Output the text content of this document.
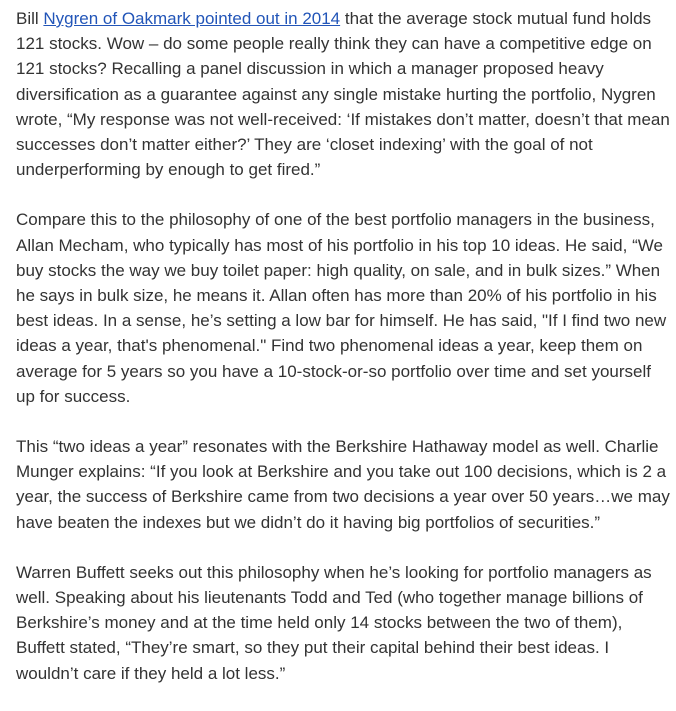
Bill Nygren of Oakmark pointed out in 2014 that the average stock mutual fund holds 121 stocks. Wow – do some people really think they can have a competitive edge on 121 stocks? Recalling a panel discussion in which a manager proposed heavy diversification as a guarantee against any single mistake hurting the portfolio, Nygren wrote, “My response was not well-received: ‘If mistakes don’t matter, doesn’t that mean successes don’t matter either?’ They are ‘closet indexing’ with the goal of not underperforming by enough to get fired.”

Compare this to the philosophy of one of the best portfolio managers in the business, Allan Mecham, who typically has most of his portfolio in his top 10 ideas. He said, “We buy stocks the way we buy toilet paper: high quality, on sale, and in bulk sizes.” When he says in bulk size, he means it. Allan often has more than 20% of his portfolio in his best ideas. In a sense, he’s setting a low bar for himself. He has said, "If I find two new ideas a year, that's phenomenal." Find two phenomenal ideas a year, keep them on average for 5 years so you have a 10-stock-or-so portfolio over time and set yourself up for success.

This “two ideas a year” resonates with the Berkshire Hathaway model as well. Charlie Munger explains: “If you look at Berkshire and you take out 100 decisions, which is 2 a year, the success of Berkshire came from two decisions a year over 50 years…we may have beaten the indexes but we didn’t do it having big portfolios of securities.”

Warren Buffett seeks out this philosophy when he’s looking for portfolio managers as well. Speaking about his lieutenants Todd and Ted (who together manage billions of Berkshire’s money and at the time held only 14 stocks between the two of them), Buffett stated, “They’re smart, so they put their capital behind their best ideas. I wouldn’t care if they held a lot less.”
